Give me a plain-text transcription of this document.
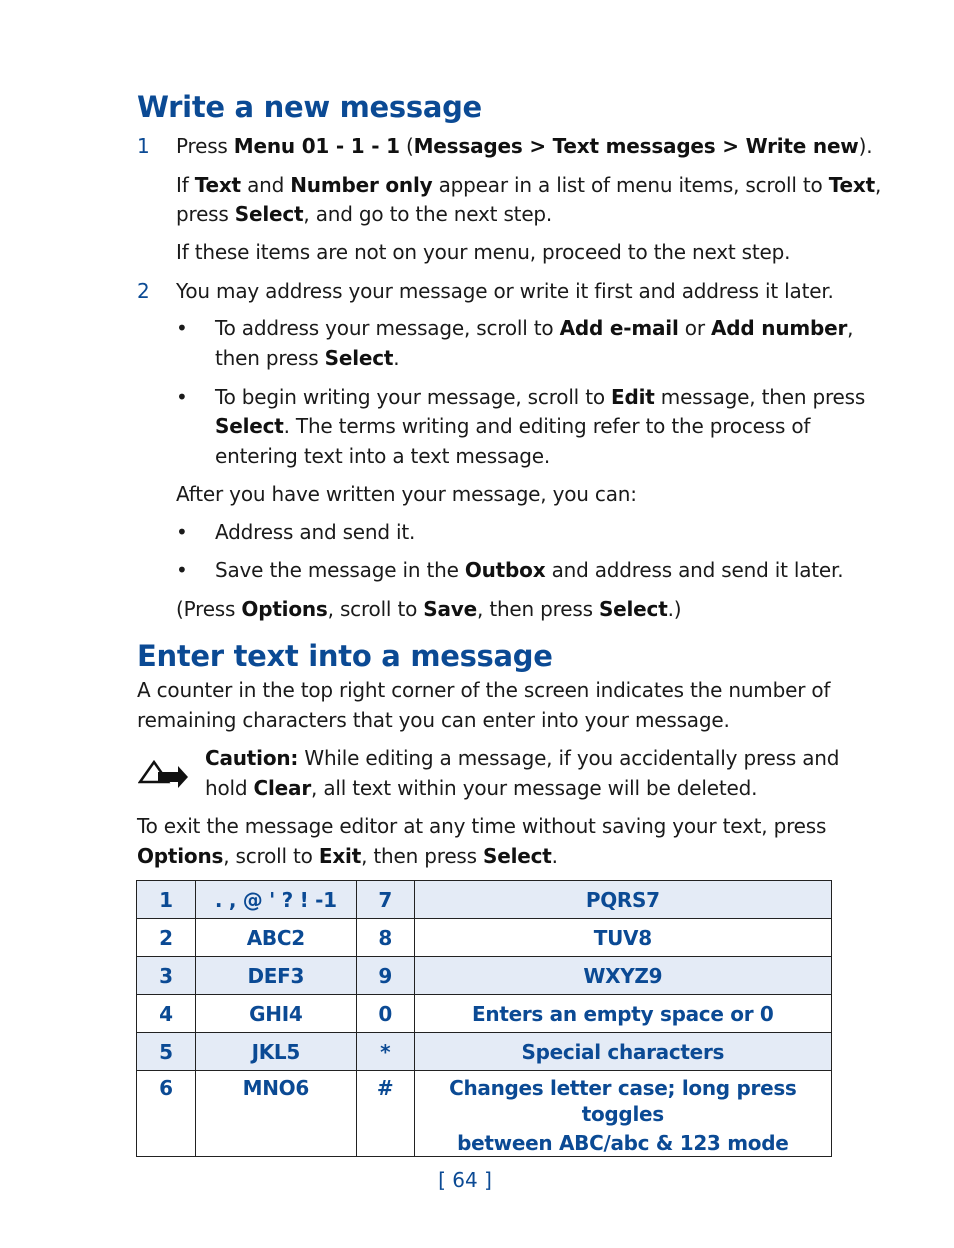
Write a new message
1 Press Menu 01 - 1 - 1 (Messages > Text messages > Write new).
If Text and Number only appear in a list of menu items, scroll to Text,
press Select, and go to the next step.
If these items are not on your menu, proceed to the next step.
2 You may address your message or write it first and address it later.
• To address your message, scroll to Add e-mail or Add number,
then press Select.
• To begin writing your message, scroll to Edit message, then press
Select. The terms writing and editing refer to the process of
entering text into a text message.
After you have written your message, you can:
• Address and send it.
• Save the message in the Outbox and address and send it later.
(Press Options, scroll to Save, then press Select.)
Enter text into a message
A counter in the top right corner of the screen indicates the number of
remaining characters that you can enter into your message.
Caution: While editing a message, if you accidentally press and
hold Clear, all text within your message will be deleted.
To exit the message editor at any time without saving your text, press
Options, scroll to Exit, then press Select.
1	. , @ ' ? ! -1	7	PQRS7
2	ABC2	8	TUV8
3	DEF3	9	WXYZ9
4	GHI4	0	Enters an empty space or 0
5	JKL5	*	Special characters
6	MNO6	#	Changes letter case; long press toggles
between ABC/abc & 123 mode
[ 64 ]
